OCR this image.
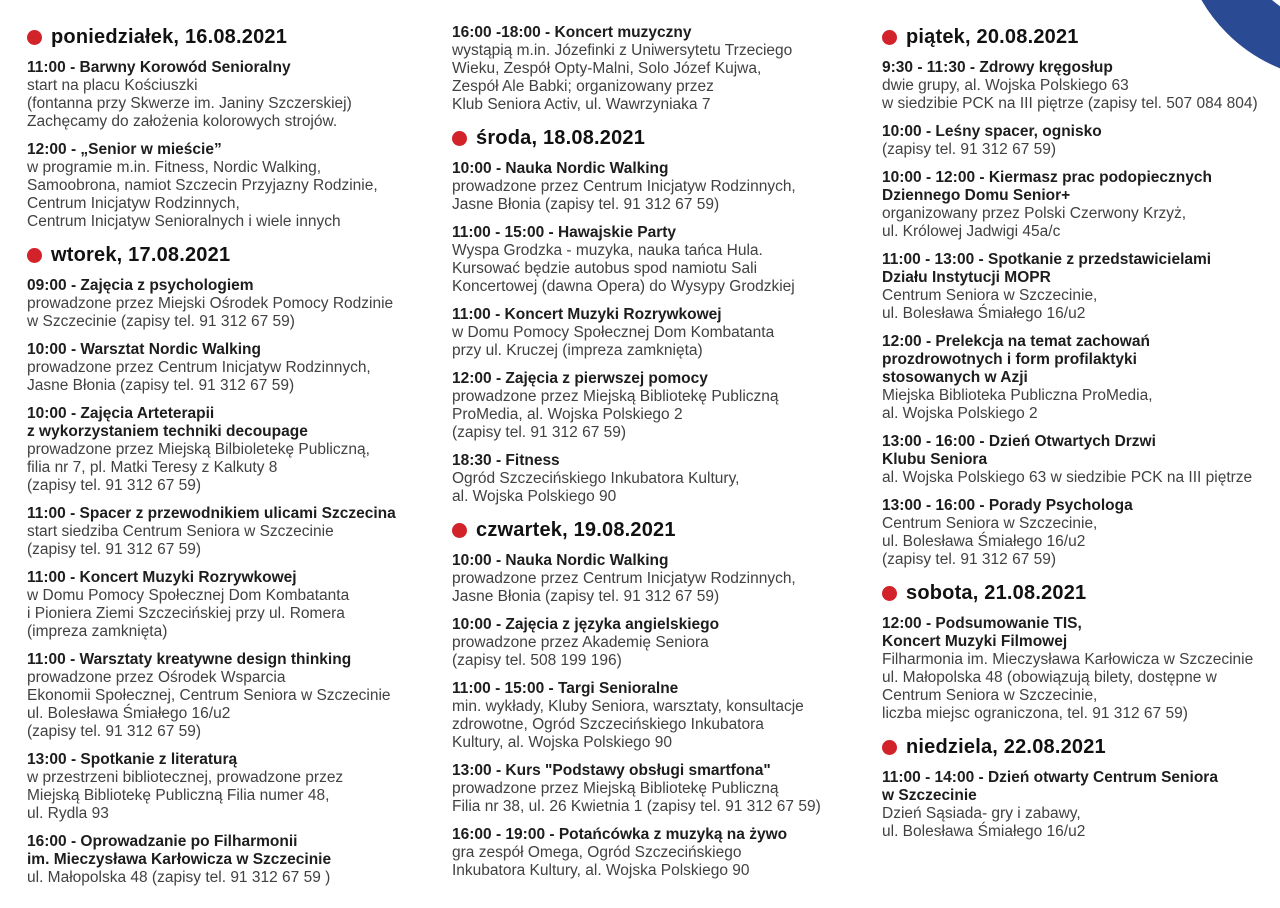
poniedziałek, 16.08.2021
11:00 - Barwny Korowód Senioralny
start na placu Kościuszki
(fontanna przy Skwerze im. Janiny Szczerskiej)
Zachęcamy do założenia kolorowych strojów.
12:00 - „Senior w mieście”
w programie m.in. Fitness, Nordic Walking,
Samoobrona, namiot Szczecin Przyjazny Rodzinie,
Centrum Inicjatyw Rodzinnych,
Centrum Inicjatyw Senioralnych i wiele innych
wtorek, 17.08.2021
09:00 - Zajęcia z psychologiem
prowadzone przez Miejski Ośrodek Pomocy Rodzinie
w Szczecinie (zapisy tel. 91 312 67 59)
10:00 - Warsztat Nordic Walking
prowadzone przez Centrum Inicjatyw Rodzinnych,
Jasne Błonia (zapisy tel. 91 312 67 59)
10:00 - Zajęcia Arteterapii
z wykorzystaniem techniki decoupage
prowadzone przez Miejską Bilbioletekę Publiczną,
filia nr 7, pl. Matki Teresy z Kalkuty 8
(zapisy tel. 91 312 67 59)
11:00 - Spacer z przewodnikiem ulicami Szczecina
start siedziba Centrum Seniora w Szczecinie
(zapisy tel. 91 312 67 59)
11:00 - Koncert Muzyki Rozrywkowej
w Domu Pomocy Społecznej Dom Kombatanta
i Pioniera Ziemi Szczecińskiej przy ul. Romera
(impreza zamknięta)
11:00 - Warsztaty kreatywne design thinking
prowadzone przez Ośrodek Wsparcia
Ekonomii Społecznej, Centrum Seniora w Szczecinie
ul. Bolesława Śmiałego 16/u2
(zapisy tel. 91 312 67 59)
13:00 - Spotkanie z literaturą
w przestrzeni bibliotecznej, prowadzone przez
Miejską Bibliotekę Publiczną Filia numer 48,
ul. Rydla 93
16:00 - Oprowadzanie po Filharmonii
im. Mieczysława Karłowicza w Szczecinie
ul. Małopolska 48 (zapisy tel. 91 312 67 59 )
16:00 -18:00 - Koncert muzyczny
wystąpią m.in. Józefinki z Uniwersytetu Trzeciego
Wieku, Zespół Opty-Malni, Solo Józef Kujwa,
Zespół Ale Babki; organizowany przez
Klub Seniora Activ, ul. Wawrzyniaka 7
środa, 18.08.2021
10:00 - Nauka Nordic Walking
prowadzone przez Centrum Inicjatyw Rodzinnych,
Jasne Błonia (zapisy tel. 91 312 67 59)
11:00 - 15:00 - Hawajskie Party
Wyspa Grodzka - muzyka, nauka tańca Hula.
Kursować będzie autobus spod namiotu Sali
Koncertowej (dawna Opera) do Wysypy Grodzkiej
11:00 - Koncert Muzyki Rozrywkowej
w Domu Pomocy Społecznej Dom Kombatanta
przy ul. Kruczej (impreza zamknięta)
12:00 - Zajęcia z pierwszej pomocy
prowadzone przez Miejską Bibliotekę Publiczną
ProMedia, al. Wojska Polskiego 2
(zapisy tel. 91 312 67 59)
18:30 - Fitness
Ogród Szczecińskiego Inkubatora Kultury,
al. Wojska Polskiego 90
czwartek, 19.08.2021
10:00 - Nauka Nordic Walking
prowadzone przez Centrum Inicjatyw Rodzinnych,
Jasne Błonia (zapisy tel. 91 312 67 59)
10:00 - Zajęcia z języka angielskiego
prowadzone przez Akademię Seniora
(zapisy tel. 508 199 196)
11:00 - 15:00 - Targi Senioralne
min. wykłady, Kluby Seniora, warsztaty, konsultacje
zdrowotne, Ogród Szczecińskiego Inkubatora
Kultury, al. Wojska Polskiego 90
13:00 - Kurs "Podstawy obsługi smartfona"
prowadzone przez Miejską Bibliotekę Publiczną
Filia nr 38, ul. 26 Kwietnia 1 (zapisy tel. 91 312 67 59)
16:00 - 19:00 - Potańcówka z muzyką na żywo
gra zespół Omega, Ogród Szczecińskiego
Inkubatora Kultury, al. Wojska Polskiego 90
piątek, 20.08.2021
9:30 - 11:30 - Zdrowy kręgosłup
dwie grupy, al. Wojska Polskiego 63
w siedzibie PCK na III piętrze (zapisy tel. 507 084 804)
10:00 - Leśny spacer, ognisko
(zapisy tel. 91 312 67 59)
10:00 - 12:00 - Kiermasz prac podopiecznych
Dziennego Domu Senior+
organizowany przez Polski Czerwony Krzyż,
ul. Królowej Jadwigi 45a/c
11:00 - 13:00 - Spotkanie z przedstawicielami
Działu Instytucji MOPR
Centrum Seniora w Szczecinie,
ul. Bolesława Śmiałego 16/u2
12:00 - Prelekcja na temat zachowań
prozdrowotnych i form profilaktyki
stosowanych w Azji
Miejska Biblioteka Publiczna ProMedia,
al. Wojska Polskiego 2
13:00 - 16:00 - Dzień Otwartych Drzwi
Klubu Seniora
al. Wojska Polskiego 63 w siedzibie PCK na III piętrze
13:00 - 16:00 - Porady Psychologa
Centrum Seniora w Szczecinie,
ul. Bolesława Śmiałego 16/u2
(zapisy tel. 91 312 67 59)
sobota, 21.08.2021
12:00 - Podsumowanie TIS,
Koncert Muzyki Filmowej
Filharmonia im. Mieczysława Karłowicza w Szczecinie
ul. Małopolska 48 (obowiązują bilety, dostępne w
Centrum Seniora w Szczecinie,
liczba miejsc ograniczona, tel. 91 312 67 59)
niedziela, 22.08.2021
11:00 - 14:00 - Dzień otwarty Centrum Seniora
w Szczecinie
Dzień Sąsiada- gry i zabawy,
ul. Bolesława Śmiałego 16/u2
